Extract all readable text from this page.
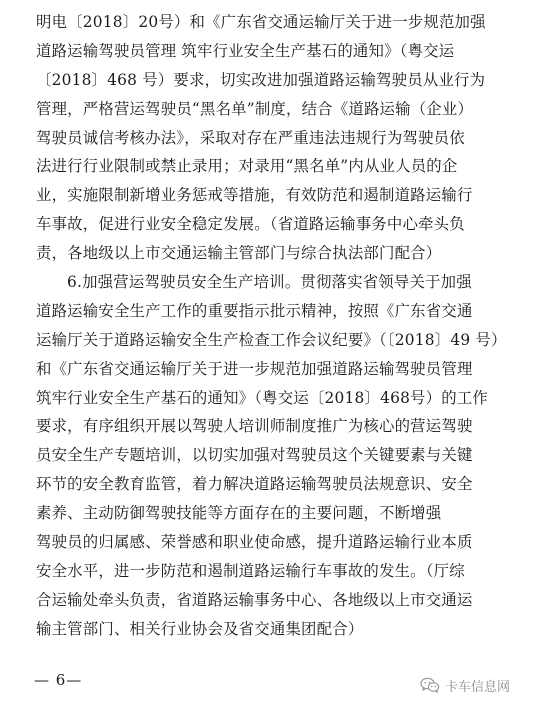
明电〔2018〕20号）和《广东省交通运输厅关于进一步规范加强
道路运输驾驶员管理 筑牢行业安全生产基石的通知》（粤交运
〔2018〕468 号）要求，切实改进加强道路运输驾驶员从业行为
管理，严格营运驾驶员“黑名单”制度，结合《道路运输（企业）
驾驶员诚信考核办法》，采取对存在严重违法违规行为驾驶员依
法进行行业限制或禁止录用；对录用“黑名单”内从业人员的企
业，实施限制新增业务惩戒等措施，有效防范和遏制道路运输行
车事故，促进行业安全稳定发展。（省道路运输事务中心牵头负
责，各地级以上市交通运输主管部门与综合执法部门配合）
6.加强营运驾驶员安全生产培训。贯彻落实省领导关于加强
道路运输安全生产工作的重要指示批示精神，按照《广东省交通
运输厅关于道路运输安全生产检查工作会议纪要》（〔2018〕49 号）
和《广东省交通运输厅关于进一步规范加强道路运输驾驶员管理
筑牢行业安全生产基石的通知》（粤交运〔2018〕468号）的工作
要求，有序组织开展以驾驶人培训师制度推广为核心的营运驾驶
员安全生产专题培训，以切实加强对驾驶员这个关键要素与关键
环节的安全教育监管，着力解决道路运输驾驶员法规意识、安全
素养、主动防御驾驶技能等方面存在的主要问题，不断增强
驾驶员的归属感、荣誉感和职业使命感，提升道路运输行业本质
安全水平，进一步防范和遏制道路运输行车事故的发生。（厅综
合运输处牵头负责，省道路运输事务中心、各地级以上市交通运
输主管部门、相关行业协会及省交通集团配合）
— 6—	卡车信息网
